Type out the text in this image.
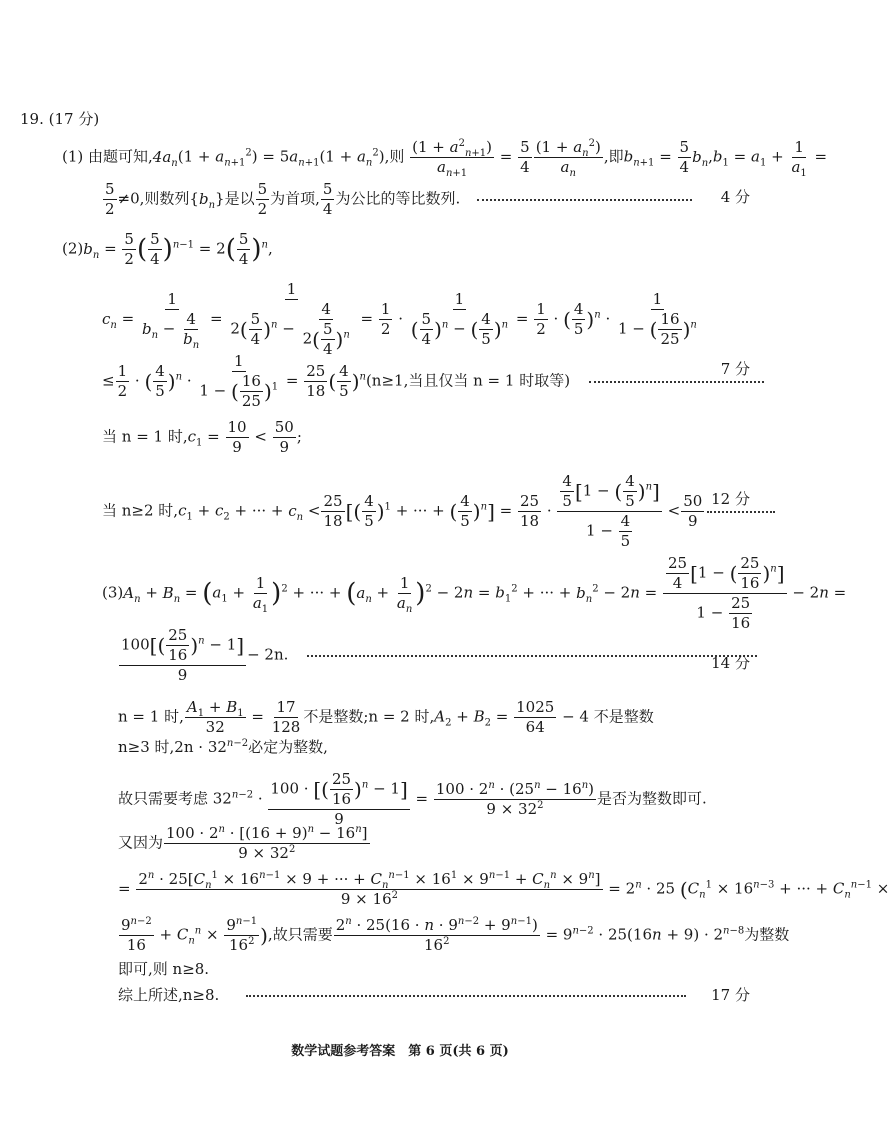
19. (17 分)
(1) 由题可知$,4a_n(1 + a_{n+1}^2) = 5a_{n+1}(1 + a_n^2)$,则 $\frac{(1 + a^2_{n+1})}{a_{n+1}} = \frac{5}{4} \frac{(1 + a_n^2)}{a_n}$ ,即$b_{n+1} = \frac{5}{4} b_n,b_1 = a_1 + \frac{1}{a_1}$ =
$\frac{5}{2} \ne 0$,则数列$\{b_n\}$是以 $\frac{5}{2}$ 为首项, $\frac{5}{4}$ 为公比的等比数列.	4 分
$(2)b_n = \frac{5}{2}$ ( $\frac{5}{4} )^{n-1} = 2( \frac{5}{4} )^n$,
$c_n = \frac{1}{b_n - \frac{4}{b_n}} = \frac{1}{2( \frac{5}{4} )^n - \frac{4}{2( \frac{5}{4} )^n}} = \frac{1}{2} \cdot \frac{1}{( \frac{5}{4} )^n - ( \frac{4}{5} )^n} = \frac{1}{2}$ · ( $\frac{4}{5} )^n \cdot \frac{1}{1 - ( \frac{16}{25} )^n}$
≤ $\frac{1}{2}$ · ( $\frac{4}{5} )^n \cdot \frac{1}{1 - ( \frac{16}{25} )^1} = \frac{25}{18}$ ( $\frac{4}{5} )^n(n\ge 1$,当且仅当 n = 1 时取等)
7 分
当 n = 1 时$,c_1 = \frac{10}{9} < \frac{50}{9}$ ;
当 n≥2 时$,c_1 + c_2$ + ··· + $c_n < \frac{25}{18}$ [( $\frac{4}{5} )^1$ + ··· + ( $\frac{4}{5} )^n] = \frac{25}{18} \cdot \frac{\frac{4}{5} [1 - ( \frac{4}{5} )^n]}{1 - \frac{4}{5}} < \frac{50}{9} 12$ 分
$(3)A_n + B_n = (a_1 + \frac{1}{a_1} )^2$ + ··· + $(a_n + \frac{1}{a_n} )^2 - 2n = b_1^2$ + ··· + $b_n^2 - 2n = \frac{\frac{25}{4} [1 - ( \frac{25}{16} )^n]}{1 - \frac{25}{16}} - 2n$ =
$\frac{100[( \frac{25}{16} )^n - 1]}{9} - 2n$.	14 分
n = 1 时, $\frac{A_1 + B_1}{32} = \frac{17}{128}$ 不是整数;n = 2 时$,A_2 + B_2 = \frac{1025}{64} - 4$ 不是整数
n≥3 时$,2n \cdot 32^{n-2}$必定为整数,
故只需要考虑 $32^{n-2} \cdot \frac{100 \cdot [( \frac{25}{16} )^n - 1]}{9} = \frac{100 \cdot 2^n \cdot (25^n - 16^n)}{9 \times 32^2}$ 是否为整数即可.
又因为 $\frac{100 \cdot 2^n \cdot [(16 + 9)^n - 16^n]}{9 \times 32^2}$
=
$2^n \cdot 25[C_n^1 \times 16^{n-1} \times 9$ + ··· + $C_n^{n-1} \times 16^1 \times 9^{n-1} + C_n^n \times 9^n$]
$9 \times 16^2$	= $2^n \cdot 25$ ($C_n^1 \times 16^{n-3}$ + ··· + $C_n^{n-1}$ ×
$\frac{9^{n-2}}{16} + C_n^n \times \frac{9^{n-1}}{16^2}$ ),故只需要 $\frac{2^n \cdot 25(16 \cdot n \cdot 9^{n-2} + 9^{n-1})}{16^2} = 9^{n-2} \cdot 25(16n + 9) \cdot 2^{n-8}$为整数
即可,则 n≥8.
综上所述,n≥8.	17 分
数学试题参考答案　第 6 页(共 6 页)
